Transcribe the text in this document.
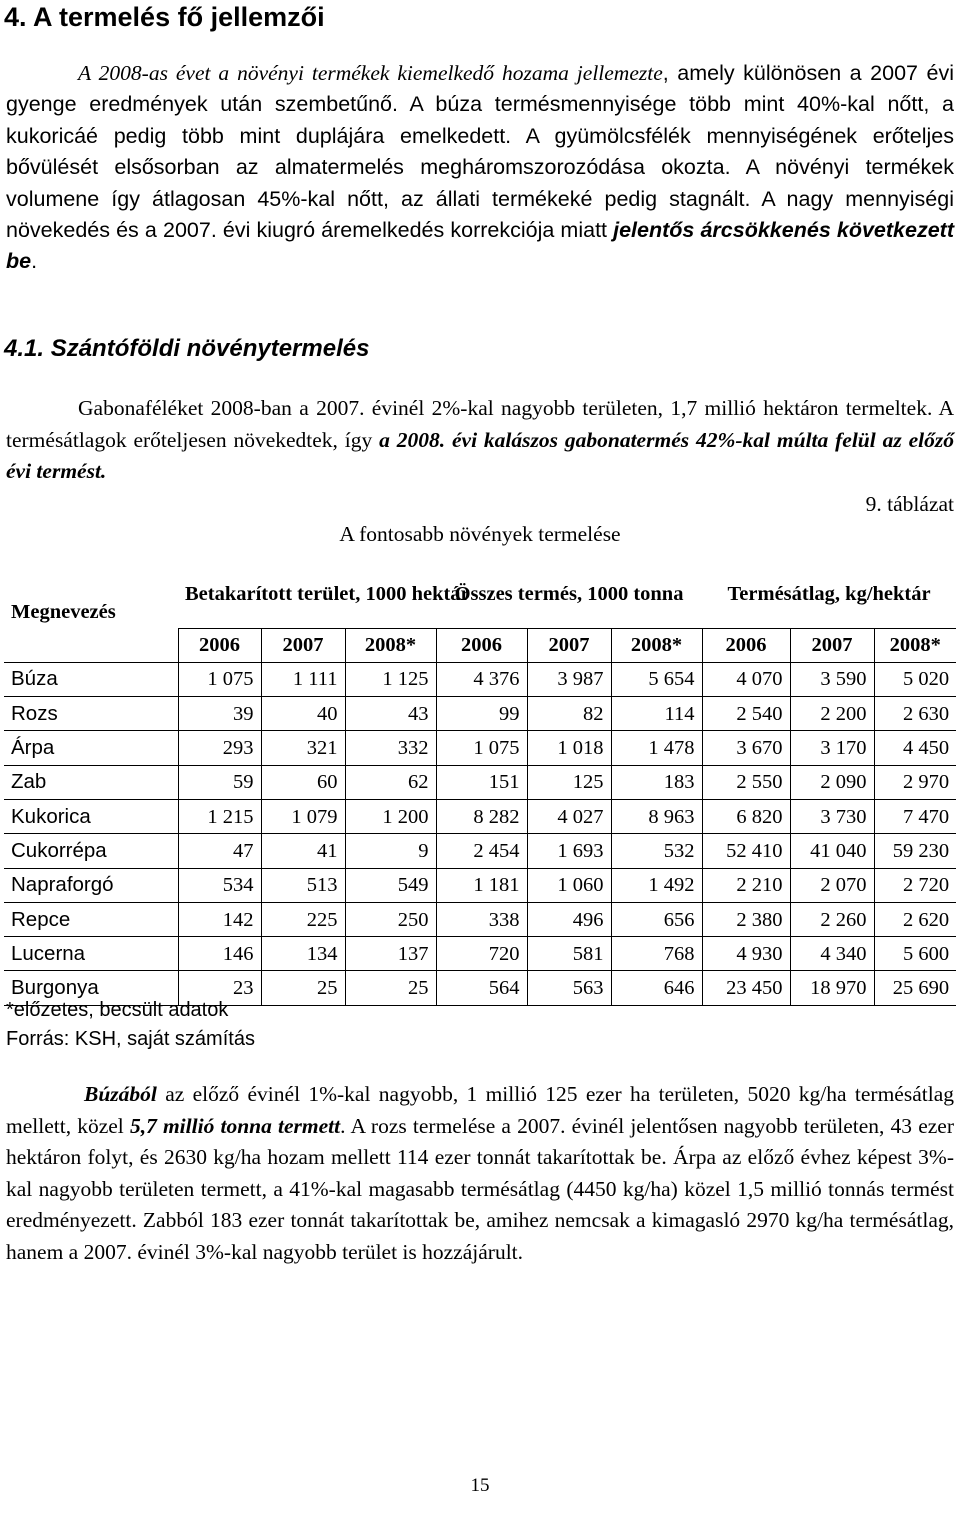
4. A termelés fő jellemzői

A 2008-as évet a növényi termékek kiemelkedő hozama jellemezte, amely különösen a 2007 évi gyenge eredmények után szembetűnő. A búza termésmennyisége több mint 40%-kal nőtt, a kukoricáé pedig több mint duplájára emelkedett. A gyümölcsfélék mennyiségének erőteljes bővülését elsősorban az almatermelés megháromszorozódása okozta. A növényi termékek volumene így átlagosan 45%-kal nőtt, az állati termékeké pedig stagnált. A nagy mennyiségi növekedés és a 2007. évi kiugró áremelkedés korrekciója miatt jelentős árcsökkenés következett be.

4.1. Szántóföldi növénytermelés

Gabonaféléket 2008-ban a 2007. évinél 2%-kal nagyobb területen, 1,7 millió hektáron termeltek. A termésátlagok erőteljesen növekedtek, így a 2008. évi kalászos gabonatermés 42%-kal múlta felül az előző évi termést.

9. táblázat

A fontosabb növények termelése

Megnevezés	Betakarított terület, 1000 hektár			Összes termés, 1000 tonna			Termésátlag, kg/hektár		
	2006	2007	2008*	2006	2007	2008*	2006	2007	2008*
Búza	1 075	1 111	1 125	4 376	3 987	5 654	4 070	3 590	5 020
Rozs	39	40	43	99	82	114	2 540	2 200	2 630
Árpa	293	321	332	1 075	1 018	1 478	3 670	3 170	4 450
Zab	59	60	62	151	125	183	2 550	2 090	2 970
Kukorica	1 215	1 079	1 200	8 282	4 027	8 963	6 820	3 730	7 470
Cukorrépa	47	41	9	2 454	1 693	532	52 410	41 040	59 230
Napraforgó	534	513	549	1 181	1 060	1 492	2 210	2 070	2 720
Repce	142	225	250	338	496	656	2 380	2 260	2 620
Lucerna	146	134	137	720	581	768	4 930	4 340	5 600
Burgonya	23	25	25	564	563	646	23 450	18 970	25 690

*előzetes, becsült adatok
Forrás: KSH, saját számítás

Búzából az előző évinél 1%-kal nagyobb, 1 millió 125 ezer ha területen, 5020 kg/ha termésátlag mellett, közel 5,7 millió tonna termett. A rozs termelése a 2007. évinél jelentősen nagyobb területen, 43 ezer hektáron folyt, és 2630 kg/ha hozam mellett 114 ezer tonnát takarítottak be. Árpa az előző évhez képest 3%-kal nagyobb területen termett, a 41%-kal magasabb termésátlag (4450 kg/ha) közel 1,5 millió tonnás termést eredményezett. Zabból 183 ezer tonnát takarítottak be, amihez nemcsak a kimagasló 2970 kg/ha termésátlag, hanem a 2007. évinél 3%-kal nagyobb terület is hozzájárult.

15
